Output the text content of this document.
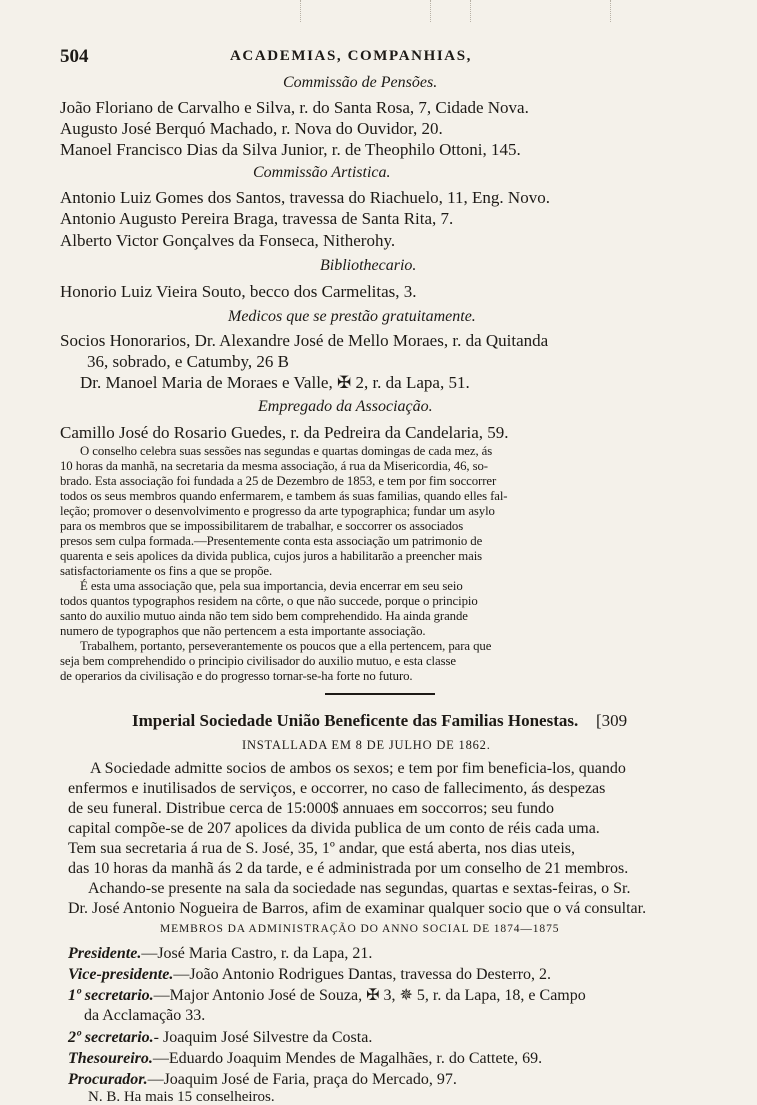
504	ACADEMIAS, COMPANHIAS,
Commissão de Pensões.
João Floriano de Carvalho e Silva, r. do Santa Rosa, 7, Cidade Nova.
Augusto José Berquó Machado, r. Nova do Ouvidor, 20.
Manoel Francisco Dias da Silva Junior, r. de Theophilo Ottoni, 145.
Commissão Artistica.
Antonio Luiz Gomes dos Santos, travessa do Riachuelo, 11, Eng. Novo.
Antonio Augusto Pereira Braga, travessa de Santa Rita, 7.
Alberto Victor Gonçalves da Fonseca, Nitherohy.
Bibliothecario.
Honorio Luiz Vieira Souto, becco dos Carmelitas, 3.
Medicos que se prestão gratuitamente.
Socios Honorarios, Dr. Alexandre José de Mello Moraes, r. da Quitanda
36, sobrado, e Catumby, 26 B
Dr. Manoel Maria de Moraes e Valle, ✠ 2, r. da Lapa, 51.
Empregado da Associação.
Camillo José do Rosario Guedes, r. da Pedreira da Candelaria, 59.
O conselho celebra suas sessões nas segundas e quartas domingas de cada mez, ás
10 horas da manhã, na secretaria da mesma associação, á rua da Misericordia, 46, so-
brado. Esta associação foi fundada a 25 de Dezembro de 1853, e tem por fim soccorrer
todos os seus membros quando enfermarem, e tambem ás suas familias, quando elles fal-
leção; promover o desenvolvimento e progresso da arte typographica; fundar um asylo
para os membros que se impossibilitarem de trabalhar, e soccorrer os associados
presos sem culpa formada.—Presentemente conta esta associação um patrimonio de
quarenta e seis apolices da divida publica, cujos juros a habilitarão a preencher mais
satisfactoriamente os fins a que se propõe.
É esta uma associação que, pela sua importancia, devia encerrar em seu seio
todos quantos typographos residem na côrte, o que não succede, porque o principio
santo do auxilio mutuo ainda não tem sido bem comprehendido. Ha ainda grande
numero de typographos que não pertencem a esta importante associação.
Trabalhem, portanto, perseverantemente os poucos que a ella pertencem, para que
seja bem comprehendido o principio civilisador do auxilio mutuo, e esta classe
de operarios da civilisação e do progresso tornar-se-ha forte no futuro.
Imperial Sociedade União Beneficente das Familias Honestas. [309
INSTALLADA EM 8 DE JULHO DE 1862.
A Sociedade admitte socios de ambos os sexos; e tem por fim beneficia-los, quando
enfermos e inutilisados de serviços, e occorrer, no caso de fallecimento, ás despezas
de seu funeral. Distribue cerca de 15:000$ annuaes em soccorros; seu fundo
capital compõe-se de 207 apolices da divida publica de um conto de réis cada uma.
Tem sua secretaria á rua de S. José, 35, 1º andar, que está aberta, nos dias uteis,
das 10 horas da manhã ás 2 da tarde, e é administrada por um conselho de 21 membros.
Achando-se presente na sala da sociedade nas segundas, quartas e sextas-feiras, o Sr.
Dr. José Antonio Nogueira de Barros, afim de examinar qualquer socio que o vá consultar.
MEMBROS DA ADMINISTRAÇÃO DO ANNO SOCIAL DE 1874—1875
Presidente.—José Maria Castro, r. da Lapa, 21.
Vice-presidente.—João Antonio Rodrigues Dantas, travessa do Desterro, 2.
1º secretario.—Major Antonio José de Souza, ✠ 3, ✵ 5, r. da Lapa, 18, e Campo
da Acclamação 33.
2º secretario.- Joaquim José Silvestre da Costa.
Thesoureiro.—Eduardo Joaquim Mendes de Magalhães, r. do Cattete, 69.
Procurador.—Joaquim José de Faria, praça do Mercado, 97.
N. B. Ha mais 15 conselheiros.
